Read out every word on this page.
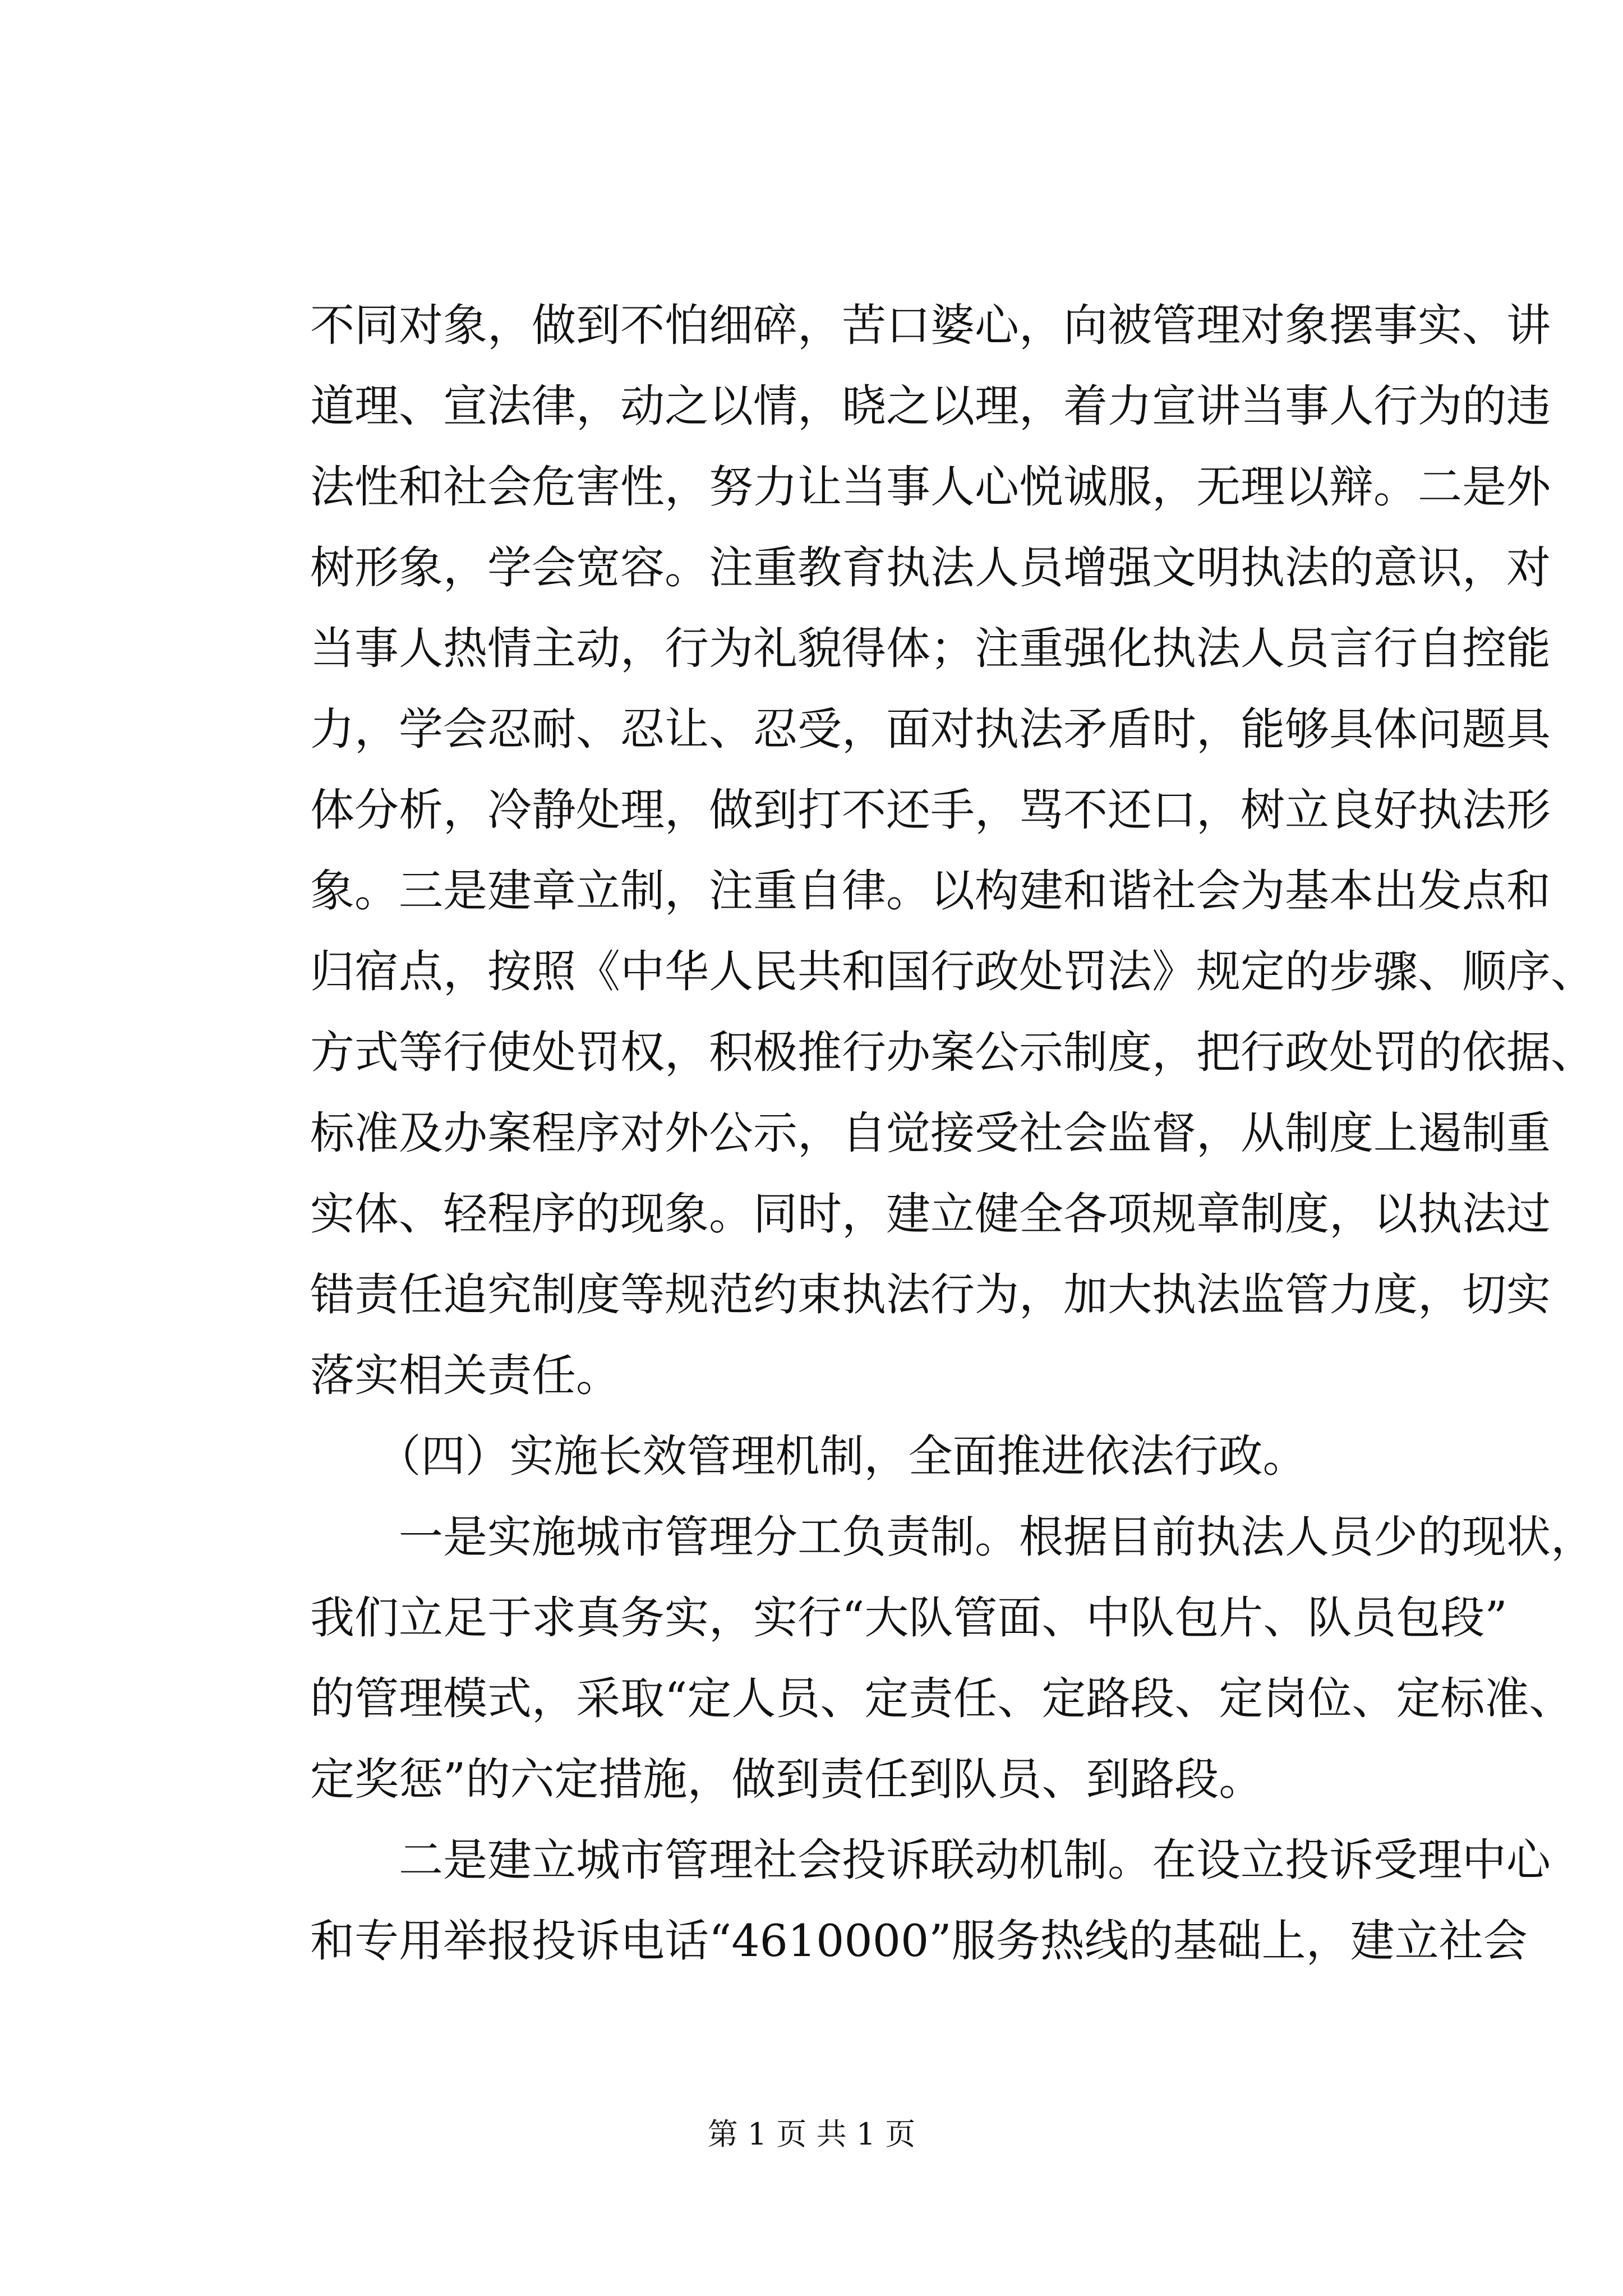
不同对象，做到不怕细碎，苦口婆心，向被管理对象摆事实、讲
道理、宣法律，动之以情，晓之以理，着力宣讲当事人行为的违
法性和社会危害性，努力让当事人心悦诚服，无理以辩。二是外
树形象，学会宽容。注重教育执法人员增强文明执法的意识，对
当事人热情主动，行为礼貌得体；注重强化执法人员言行自控能
力，学会忍耐、忍让、忍受，面对执法矛盾时，能够具体问题具
体分析，冷静处理，做到打不还手，骂不还口，树立良好执法形
象。三是建章立制，注重自律。以构建和谐社会为基本出发点和
归宿点，按照《中华人民共和国行政处罚法》规定的步骤、顺序、
方式等行使处罚权，积极推行办案公示制度，把行政处罚的依据、
标准及办案程序对外公示，自觉接受社会监督，从制度上遏制重
实体、轻程序的现象。同时，建立健全各项规章制度，以执法过
错责任追究制度等规范约束执法行为，加大执法监管力度，切实
落实相关责任。
　　（四）实施长效管理机制，全面推进依法行政。
　　一是实施城市管理分工负责制。根据目前执法人员少的现状，
我们立足于求真务实，实行“大队管面、中队包片、队员包段”
的管理模式，采取“定人员、定责任、定路段、定岗位、定标准、
定奖惩”的六定措施，做到责任到队员、到路段。
　　二是建立城市管理社会投诉联动机制。在设立投诉受理中心
和专用举报投诉电话“4610000”服务热线的基础上，建立社会
第 1 页 共 1 页
